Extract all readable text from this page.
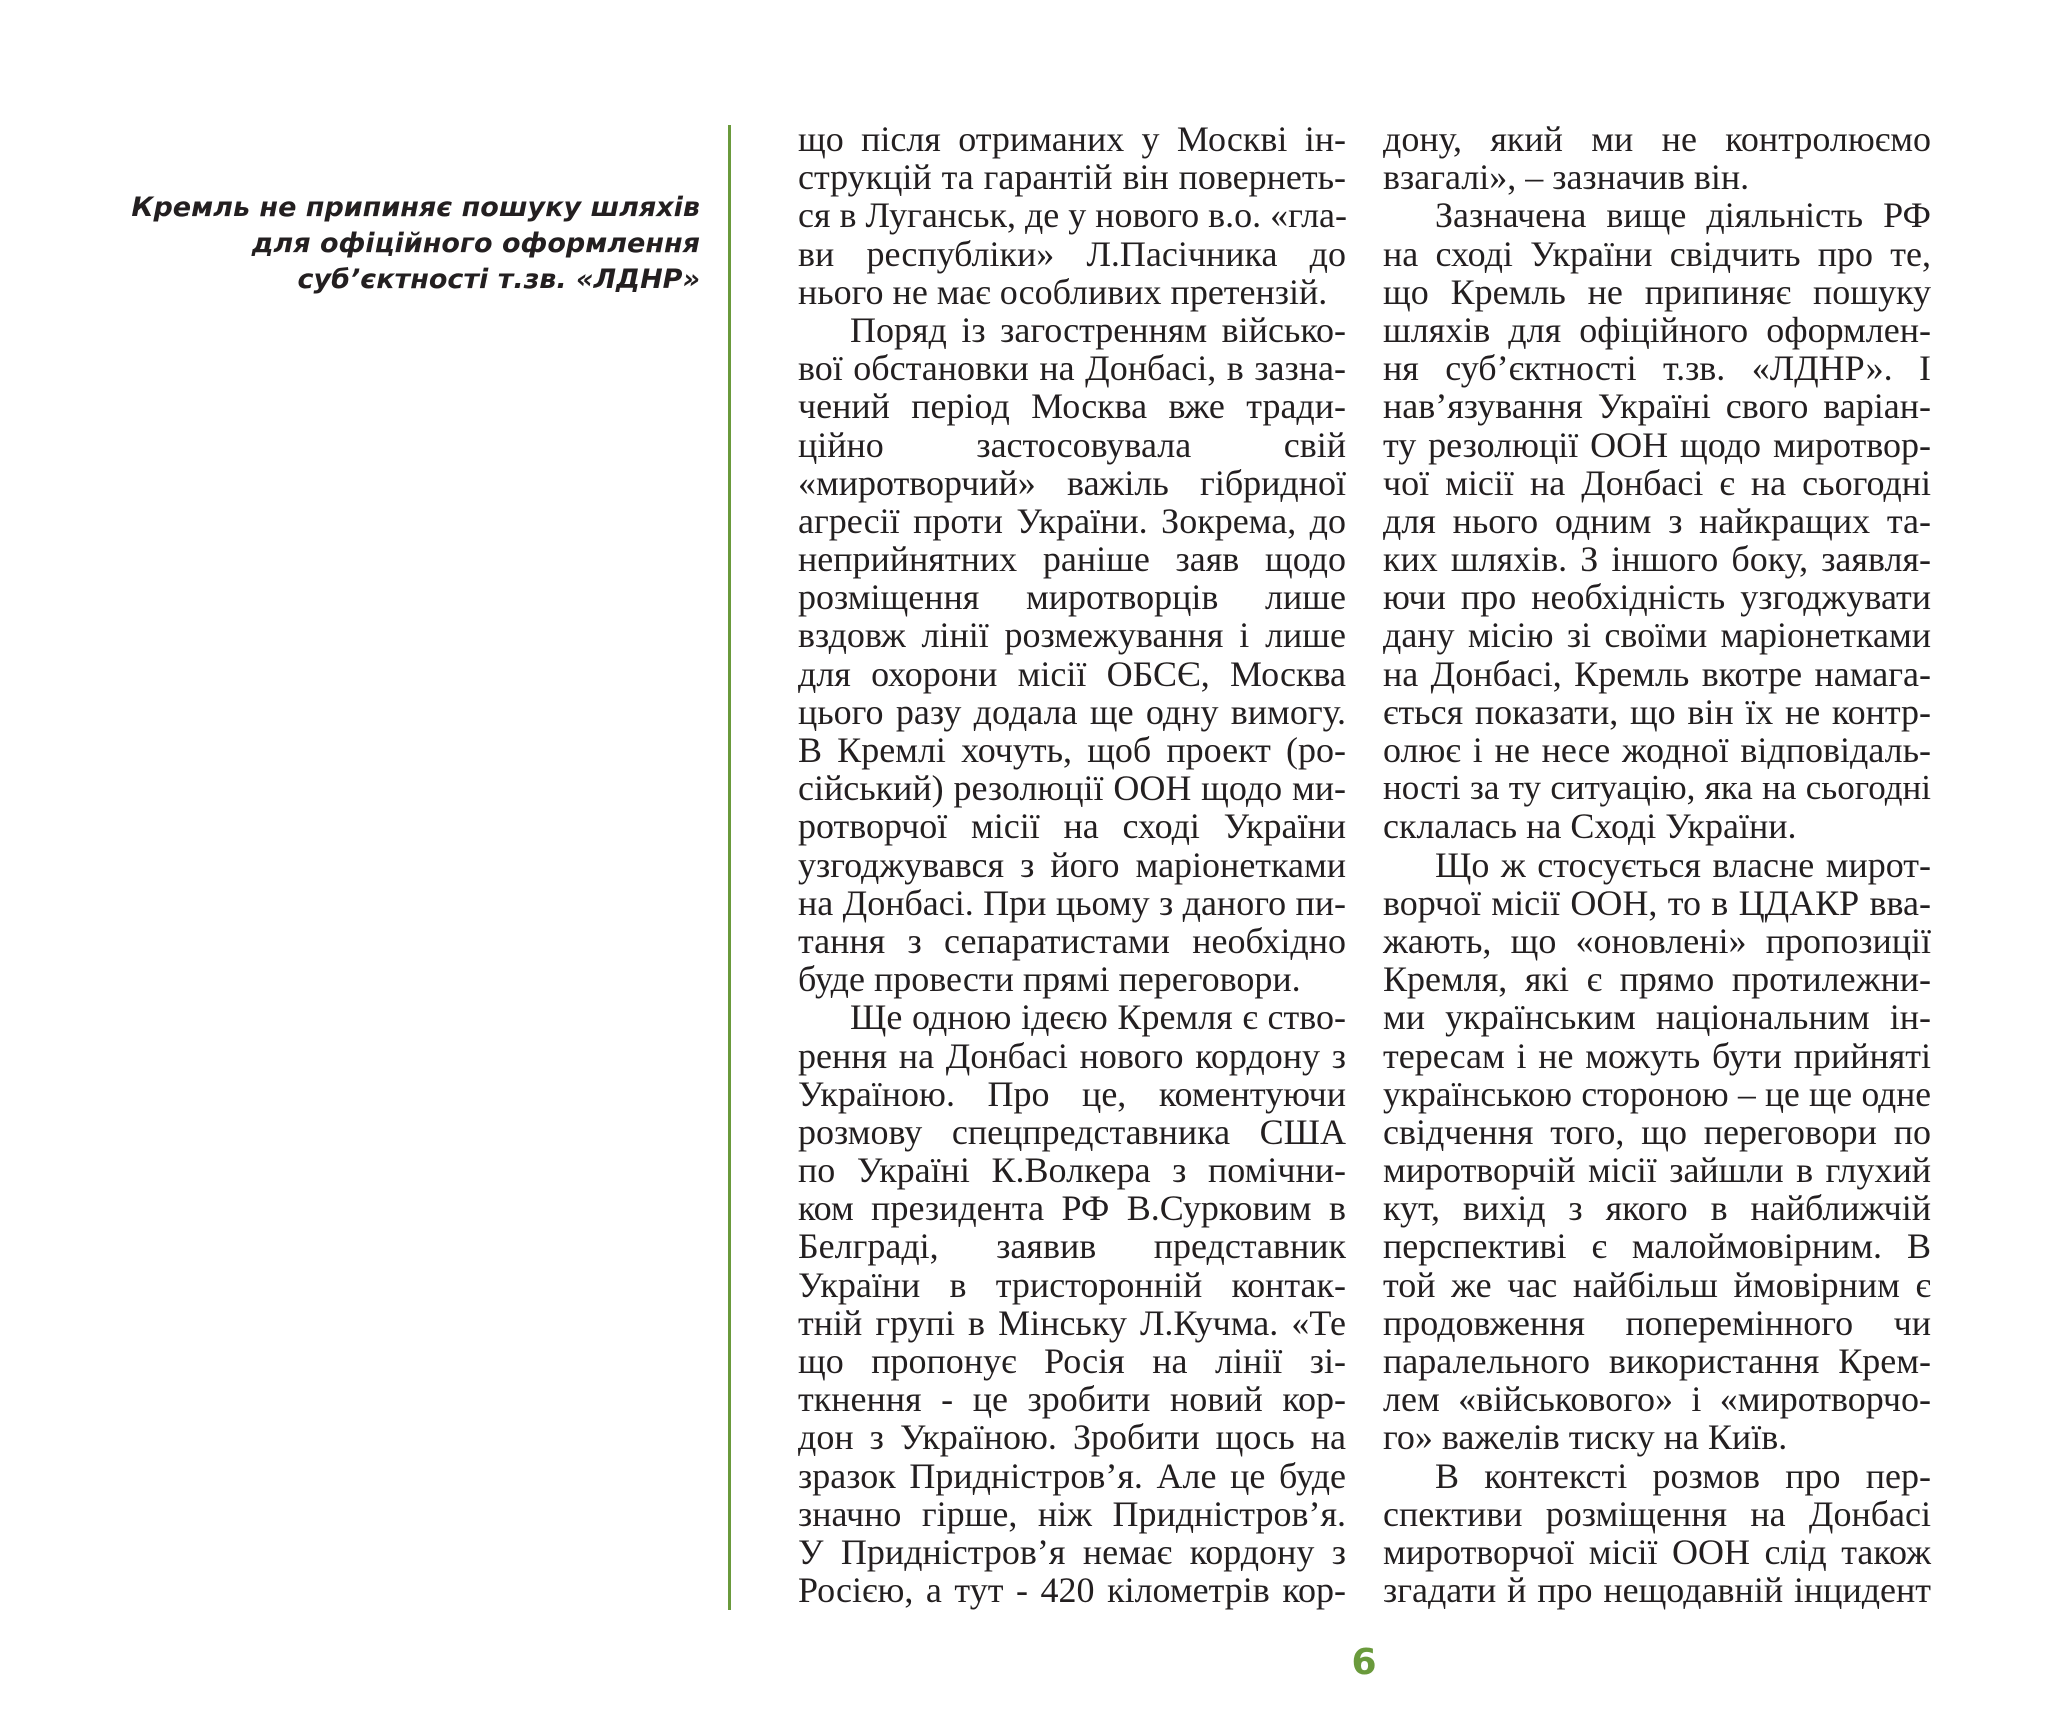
Кремль не припиняє пошуку шляхів
для офіційного оформлення
суб’єктності т.зв. «ЛДНР»
що після отриманих у Москві ін-
струкцій та гарантій він повернеть-
ся в Луганськ, де у нового в.о. «гла-
ви республіки» Л.Пасічника до
нього не має особливих претензій.
Поряд із загостренням військо-
вої обстановки на Донбасі, в зазна-
чений період Москва вже тради-
ційно застосовувала свій
«миротворчий» важіль гібридної
агресії проти України. Зокрема, до
неприйнятних раніше заяв щодо
розміщення миротворців лише
вздовж лінії розмежування і лише
для охорони місії ОБСЄ, Москва
цього разу додала ще одну вимогу.
В Кремлі хочуть, щоб проект (ро-
сійський) резолюції ООН щодо ми-
ротворчої місії на сході України
узгоджувався з його маріонетками
на Донбасі. При цьому з даного пи-
тання з сепаратистами необхідно
буде провести прямі переговори.
Ще одною ідеєю Кремля є ство-
рення на Донбасі нового кордону з
Україною. Про це, коментуючи
розмову спецпредставника США
по Україні К.Волкера з помічни-
ком президента РФ В.Сурковим в
Белграді, заявив представник
України в тристоронній контак-
тній групі в Мінську Л.Кучма. «Те
що пропонує Росія на лінії зі-
ткнення - це зробити новий кор-
дон з Україною. Зробити щось на
зразок Придністров’я. Але це буде
значно гірше, ніж Придністров’я.
У Придністров’я немає кордону з
Росією, а тут - 420 кілометрів кор-
дону, який ми не контролюємо
взагалі», – зазначив він.
Зазначена вище діяльність РФ
на сході України свідчить про те,
що Кремль не припиняє пошуку
шляхів для офіційного оформлен-
ня суб’єктності т.зв. «ЛДНР». І
нав’язування Україні свого варіан-
ту резолюції ООН щодо миротвор-
чої місії на Донбасі є на сьогодні
для нього одним з найкращих та-
ких шляхів. З іншого боку, заявля-
ючи про необхідність узгоджувати
дану місію зі своїми маріонетками
на Донбасі, Кремль вкотре намага-
ється показати, що він їх не контр-
олює і не несе жодної відповідаль-
ності за ту ситуацію, яка на сьогодні
склалась на Сході України.
Що ж стосується власне мирот-
ворчої місії ООН, то в ЦДАКР вва-
жають, що «оновлені» пропозиції
Кремля, які є прямо протилежни-
ми українським національним ін-
тересам і не можуть бути прийняті
українською стороною – це ще одне
свідчення того, що переговори по
миротворчій місії зайшли в глухий
кут, вихід з якого в найближчій
перспективі є малоймовірним. В
той же час найбільш ймовірним є
продовження поперемінного чи
паралельного використання Крем-
лем «військового» і «миротворчо-
го» важелів тиску на Київ.
В контексті розмов про пер-
спективи розміщення на Донбасі
миротворчої місії ООН слід також
згадати й про нещодавній інцидент
6
